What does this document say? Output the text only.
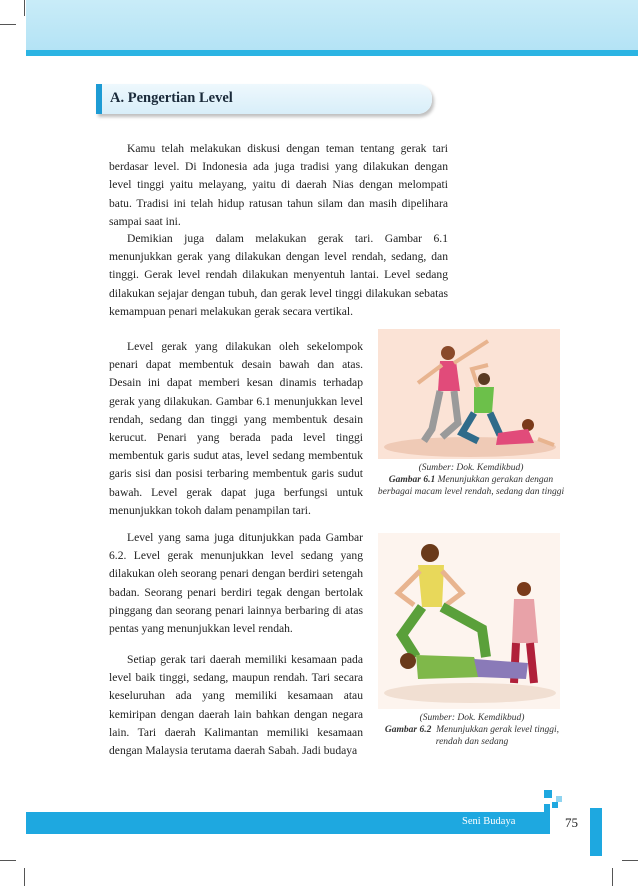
A. Pengertian Level

Kamu telah melakukan diskusi dengan teman tentang gerak tari berdasar level. Di Indonesia ada juga tradisi yang dilakukan dengan level tinggi yaitu melayang, yaitu di daerah Nias dengan melompati batu. Tradisi ini telah hidup ratusan tahun silam dan masih dipelihara sampai saat ini.

Demikian juga dalam melakukan gerak tari. Gambar 6.1 menunjukkan gerak yang dilakukan dengan level rendah, sedang, dan tinggi. Gerak level rendah dilakukan menyentuh lantai. Level sedang dilakukan sejajar dengan tubuh, dan gerak level tinggi dilakukan sebatas kemampuan penari melakukan gerak secara vertikal.

Level gerak yang dilakukan oleh sekelompok penari dapat membentuk desain bawah dan atas. Desain ini dapat memberi kesan dinamis terhadap gerak yang dilakukan. Gambar 6.1 menunjukkan level rendah, sedang dan tinggi yang membentuk desain kerucut. Penari yang berada pada level tinggi membentuk garis sudut atas, level sedang membentuk garis sisi dan posisi terbaring membentuk garis sudut bawah. Level gerak dapat juga berfungsi untuk menunjukkan tokoh dalam penampilan tari.

Level yang sama juga ditunjukkan pada Gambar 6.2. Level gerak menunjukkan level sedang yang dilakukan oleh seorang penari dengan berdiri setengah badan. Seorang penari berdiri tegak dengan bertolak pinggang dan seorang penari lainnya berbaring di atas pentas yang menunjukkan level rendah.

Setiap gerak tari daerah memiliki kesamaan pada level baik tinggi, sedang, maupun rendah. Tari secara keseluruhan ada yang memiliki kesamaan atau kemiripan dengan daerah lain bahkan dengan negara lain. Tari daerah Kalimantan memiliki kesamaan dengan Malaysia terutama daerah Sabah. Jadi budaya

(Sumber: Dok. Kemdikbud)
Gambar 6.1 Menunjukkan gerakan dengan berbagai macam level rendah, sedang dan tinggi
(Sumber: Dok. Kemdikbud)
Gambar 6.2 Menunjukkan gerak level tinggi, rendah dan sedang
Seni Budaya	75
